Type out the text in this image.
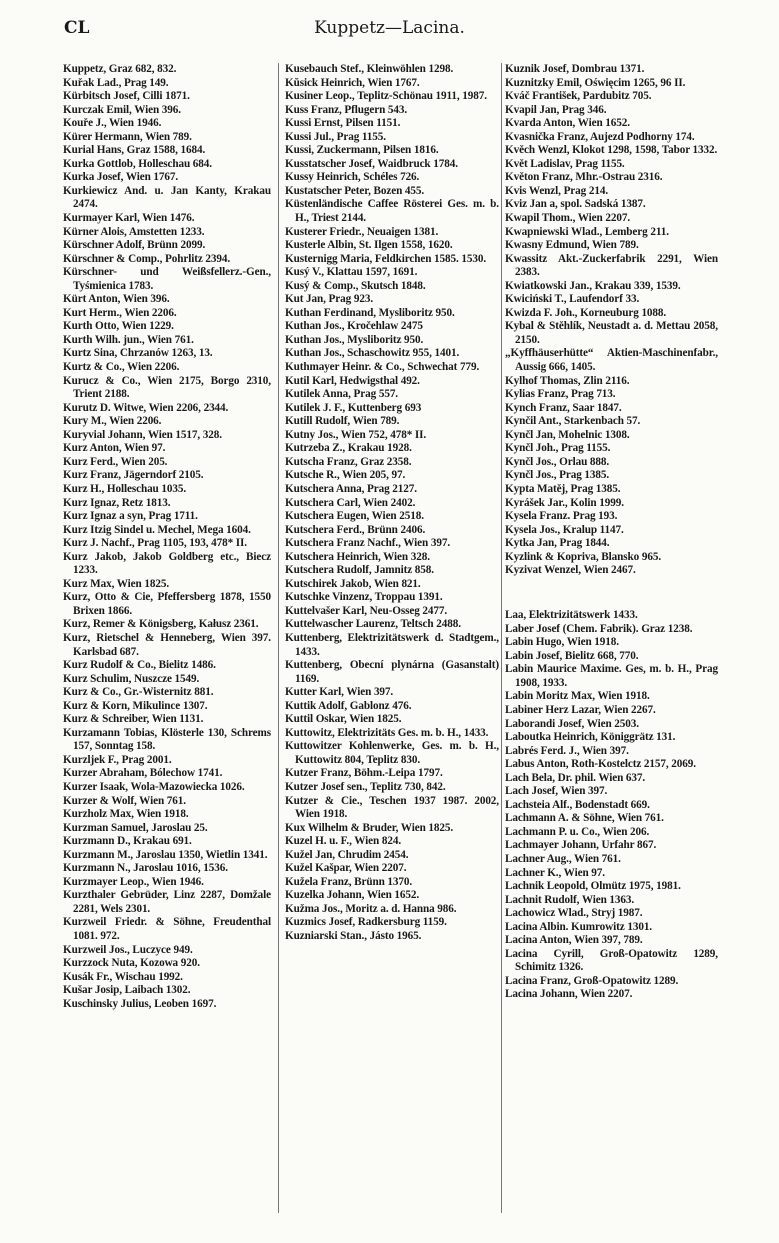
Kuppetz—Lacina.
CL

Kuppetz, Graz 682, 832.

Kuřak Lad., Prag 149.

Kürbitsch Josef, Cilli 1871.

Kurczak Emil, Wien 396.

Kouře J., Wien 1946.

Kürer Hermann, Wien 789.

Kurial Hans, Graz 1588, 1684.

Kurka Gottlob, Holleschau 684.

Kurka Josef, Wien 1767.

Kurkiewicz And. u. Jan Kanty, Krakau 2474.

Kurmayer Karl, Wien 1476.

Kürner Alois, Amstetten 1233.

Kürschner Adolf, Brünn 2099.

Kürschner & Comp., Pohrlitz 2394.

Kürschner- und Weißsfellerz.-Gen., Tyśmienica 1783.

Kürt Anton, Wien 396.

Kurt Herm., Wien 2206.

Kurth Otto, Wien 1229.

Kurth Wilh. jun., Wien 761.

Kurtz Sina, Chrzanów 1263, 13.

Kurtz & Co., Wien 2206.

Kurucz & Co., Wien 2175, Borgo 2310, Trient 2188.

Kurutz D. Witwe, Wien 2206, 2344.

Kury M., Wien 2206.

Kuryvial Johann, Wien 1517, 328.

Kurz Anton, Wien 97.

Kurz Ferd., Wien 205.

Kurz Franz, Jägerndorf 2105.

Kurz H., Holleschau 1035.

Kurz Ignaz, Retz 1813.

Kurz Ignaz a syn, Prag 1711.

Kurz Itzig Sindel u. Mechel, Mega 1604.

Kurz J. Nachf., Prag 1105, 193, 478* II.

Kurz Jakob, Jakob Goldberg etc., Biecz 1233.

Kurz Max, Wien 1825.

Kurz, Otto & Cie, Pfeffersberg 1878, 1550 Brixen 1866.

Kurz, Remer & Königsberg, Kałusz 2361.

Kurz, Rietschel & Henneberg, Wien 397. Karlsbad 687.

Kurz Rudolf & Co., Bielitz 1486.

Kurz Schulim, Nuszcze 1549.

Kurz & Co., Gr.-Wisternitz 881.

Kurz & Korn, Mikulince 1307.

Kurz & Schreiber, Wien 1131.

Kurzamann Tobias, Klösterle 130, Schrems 157, Sonntag 158.

Kurzljek F., Prag 2001.

Kurzer Abraham, Bólechow 1741.

Kurzer Isaak, Wola-Mazowiecka 1026.

Kurzer & Wolf, Wien 761.

Kurzholz Max, Wien 1918.

Kurzman Samuel, Jaroslau 25.

Kurzmann D., Krakau 691.

Kurzmann M., Jaroslau 1350, Wietlin 1341.

Kurzmann N., Jaroslau 1016, 1536.

Kurzmayer Leop., Wien 1946.

Kurzthaler Gebrüder, Linz 2287, Domžale 2281, Wels 2301.

Kurzweil Friedr. & Söhne, Freudenthal 1081. 972.

Kurzweil Jos., Luczyce 949.

Kurzzock Nuta, Kozowa 920.

Kusák Fr., Wischau 1992.

Kušar Josip, Laibach 1302.

Kuschinsky Julius, Leoben 1697.

Kusebauch Stef., Kleinwöhlen 1298.

Kŭsick Heinrich, Wien 1767.

Kusiner Leop., Teplitz-Schönau 1911, 1987.

Kuss Franz, Pflugern 543.

Kussi Ernst, Pilsen 1151.

Kussi Jul., Prag 1155.

Kussi, Zuckermann, Pilsen 1816.

Kusstatscher Josef, Waidbruck 1784.

Kussy Heinrich, Schéles 726.

Kustatscher Peter, Bozen 455.

Küstenländische Caffee Rösterei Ges. m. b. H., Triest 2144.

Kusterer Friedr., Neuaigen 1381.

Kusterle Albin, St. Ilgen 1558, 1620.

Kusternigg Maria, Feldkirchen 1585. 1530.

Kusý V., Klattau 1597, 1691.

Kusý & Comp., Skutsch 1848.

Kut Jan, Prag 923.

Kuthan Ferdinand, Mysliboritz 950.

Kuthan Jos., Kročehlaw 2475

Kuthan Jos., Mysliboritz 950.

Kuthan Jos., Schaschowitz 955, 1401.

Kuthmayer Heinr. & Co., Schwechat 779.

Kutil Karl, Hedwigsthal 492.

Kutilek Anna, Prag 557.

Kutilek J. F., Kuttenberg 693

Kutill Rudolf, Wien 789.

Kutny Jos., Wien 752, 478* II.

Kutrzeba Z., Krakau 1928.

Kutscha Franz, Graz 2358.

Kutsche R., Wien 205, 97.

Kutschera Anna, Prag 2127.

Kutschera Carl, Wien 2402.

Kutschera Eugen, Wien 2518.

Kutschera Ferd., Brünn 2406.

Kutschera Franz Nachf., Wien 397.

Kutschera Heinrich, Wien 328.

Kutschera Rudolf, Jamnitz 858.

Kutschirek Jakob, Wien 821.

Kutschke Vinzenz, Troppau 1391.

Kuttelvašer Karl, Neu-Osseg 2477.

Kuttelwascher Laurenz, Teltsch 2488.

Kuttenberg, Elektrizitätswerk d. Stadtgem., 1433.

Kuttenberg, Obecní plynárna (Gasanstalt) 1169.

Kutter Karl, Wien 397.

Kuttik Adolf, Gablonz 476.

Kuttil Oskar, Wien 1825.

Kuttowitz, Elektrizitäts Ges. m. b. H., 1433.

Kuttowitzer Kohlenwerke, Ges. m. b. H., Kuttowitz 804, Teplitz 830.

Kutzer Franz, Böhm.-Leipa 1797.

Kutzer Josef sen., Teplitz 730, 842.

Kutzer & Cie., Teschen 1937 1987. 2002, Wien 1918.

Kux Wilhelm & Bruder, Wien 1825.

Kuzel H. u. F., Wien 824.

Kužel Jan, Chrudim 2454.

Kužel Kašpar, Wien 2207.

Kužela Franz, Brünn 1370.

Kuzelka Johann, Wien 1652.

Kužma Jos., Moritz a. d. Hanna 986.

Kuzmics Josef, Radkersburg 1159.

Kuzniarski Stan., Jásto 1965.

Kuznik Josef, Dombrau 1371.

Kuznitzky Emil, Oświęcim 1265, 96 II.

Kváč František, Pardubitz 705.

Kvapil Jan, Prag 346.

Kvarda Anton, Wien 1652.

Kvasnička Franz, Aujezd Podhorny 174.

Kvěch Wenzl, Klokot 1298, 1598, Tabor 1332.

Květ Ladislav, Prag 1155.

Květon Franz, Mhr.-Ostrau 2316.

Kvis Wenzl, Prag 214.

Kviz Jan a, spol. Sadská 1387.

Kwapil Thom., Wien 2207.

Kwapniewski Wlad., Lemberg 211.

Kwasny Edmund, Wien 789.

Kwassitz Akt.-Zuckerfabrik 2291, Wien 2383.

Kwiatkowski Jan., Krakau 339, 1539.

Kwiciński T., Laufendorf 33.

Kwizda F. Joh., Korneuburg 1088.

Kybal & Stěhlík, Neustadt a. d. Mettau 2058, 2150.

„Kyffhäuserhütte“ Aktien-Maschinenfabr., Aussig 666, 1405.

Kylhof Thomas, Zlin 2116.

Kylias Franz, Prag 713.

Kynch Franz, Saar 1847.

Kynčil Ant., Starkenbach 57.

Kynčl Jan, Mohelnic 1308.

Kynčl Joh., Prag 1155.

Kynčl Jos., Orlau 888.

Kynčl Jos., Prag 1385.

Kypta Matěj, Prag 1385.

Kyrášek Jar., Kolin 1999.

Kysela Franz. Prag 193.

Kysela Jos., Kralup 1147.

Kytka Jan, Prag 1844.

Kyzlink & Kopriva, Blansko 965.

Kyzivat Wenzel, Wien 2467.

Laa, Elektrizitätswerk 1433.

Laber Josef (Chem. Fabrik). Graz 1238.

Labin Hugo, Wien 1918.

Labin Josef, Bielitz 668, 770.

Labin Maurice Maxime. Ges, m. b. H., Prag 1908, 1933.

Labin Moritz Max, Wien 1918.

Labiner Herz Lazar, Wien 2267.

Laborandi Josef, Wien 2503.

Laboutka Heinrich, Königgrätz 131.

Labrés Ferd. J., Wien 397.

Labus Anton, Roth-Kostelctz 2157, 2069.

Lach Bela, Dr. phil. Wien 637.

Lach Josef, Wien 397.

Lachsteia Alf., Bodenstadt 669.

Lachmann A. & Söhne, Wien 761.

Lachmann P. u. Co., Wien 206.

Lachmayer Johann, Urfahr 867.

Lachner Aug., Wien 761.

Lachner K., Wien 97.

Lachnik Leopold, Olmütz 1975, 1981.

Lachnit Rudolf, Wien 1363.

Lachowicz Wlad., Stryj 1987.

Lacina Albin. Kumrowitz 1301.

Lacina Anton, Wien 397, 789.

Lacina Cyrill, Groß-Opatowitz 1289, Schimitz 1326.

Lacina Franz, Groß-Opatowitz 1289.

Lacina Johann, Wien 2207.
